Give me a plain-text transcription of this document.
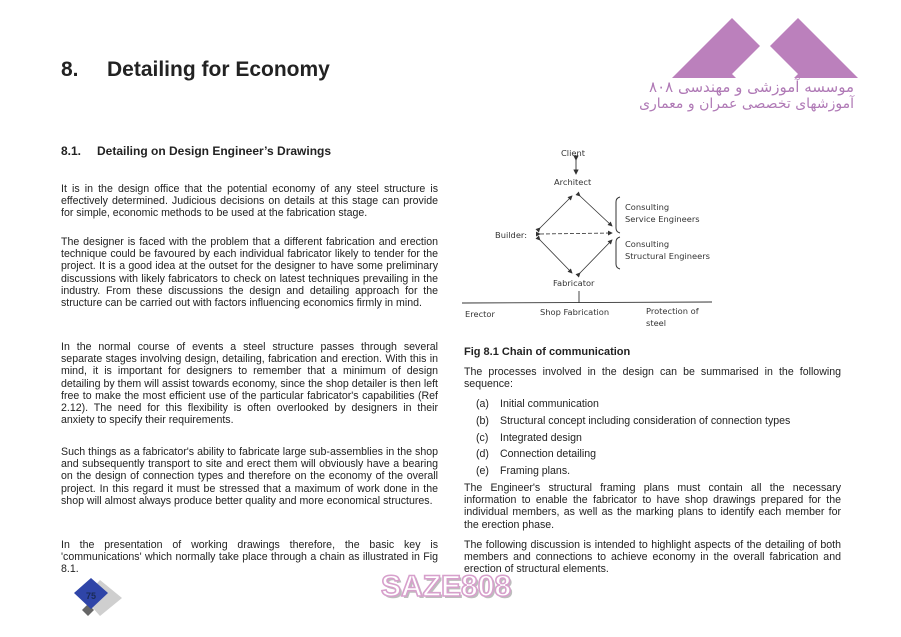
8. Detailing for Economy
موسسه آموزشی و مهندسی ۸۰۸
آموزشهای تخصصی عمران و معماری
8.1. Detailing on Design Engineer’s Drawings
It is in the design office that the potential economy of any steel structure is effectively determined. Judicious decisions on details at this stage can provide for simple, economic methods to be used at the fabrication stage.
The designer is faced with the problem that a different fabrication and erection technique could be favoured by each individual fabricator likely to tender for the project. It is a good idea at the outset for the designer to have some preliminary discussions with likely fabricators to check on latest techniques prevailing in the industry. From these discussions the design and detailing approach for the structure can be carried out with factors influencing economics firmly in mind.
In the normal course of events a steel structure passes through several separate stages involving design, detailing, fabrication and erection. With this in mind, it is important for designers to remember that a minimum of design detailing by them will assist towards economy, since the shop detailer is then left free to make the most efficient use of the particular fabricator's capabilities (Ref 2.12). The need for this flexibility is often overlooked by designers in their anxiety to specify their requirements.
Such things as a fabricator's ability to fabricate large sub-assemblies in the shop and subsequently transport to site and erect them will obviously have a bearing on the design of connection types and therefore on the economy of the overall project. In this regard it must be stressed that a maximum of work done in the shop will almost always produce better quality and more economical structures.
In the presentation of working drawings therefore, the basic key is 'communications' which normally take place through a chain as illustrated in Fig 8.1.
Client
Architect
Builder:
Fabricator
Consulting
Service Engineers
Consulting
Structural Engineers
Erector	Shop Fabrication	Protection of
steel
Fig 8.1 Chain of communication
The processes involved in the design can be summarised in the following sequence:
(a) Initial communication
(b) Structural concept including consideration of connection types
(c) Integrated design
(d) Connection detailing
(e) Framing plans.
The Engineer's structural framing plans must contain all the necessary information to enable the fabricator to have shop drawings prepared for the individual members, as well as the marking plans to identify each member for the erection phase.
The following discussion is intended to highlight aspects of the detailing of both members and connections to achieve economy in the overall fabrication and erection of structural elements.
75	SAZE808
